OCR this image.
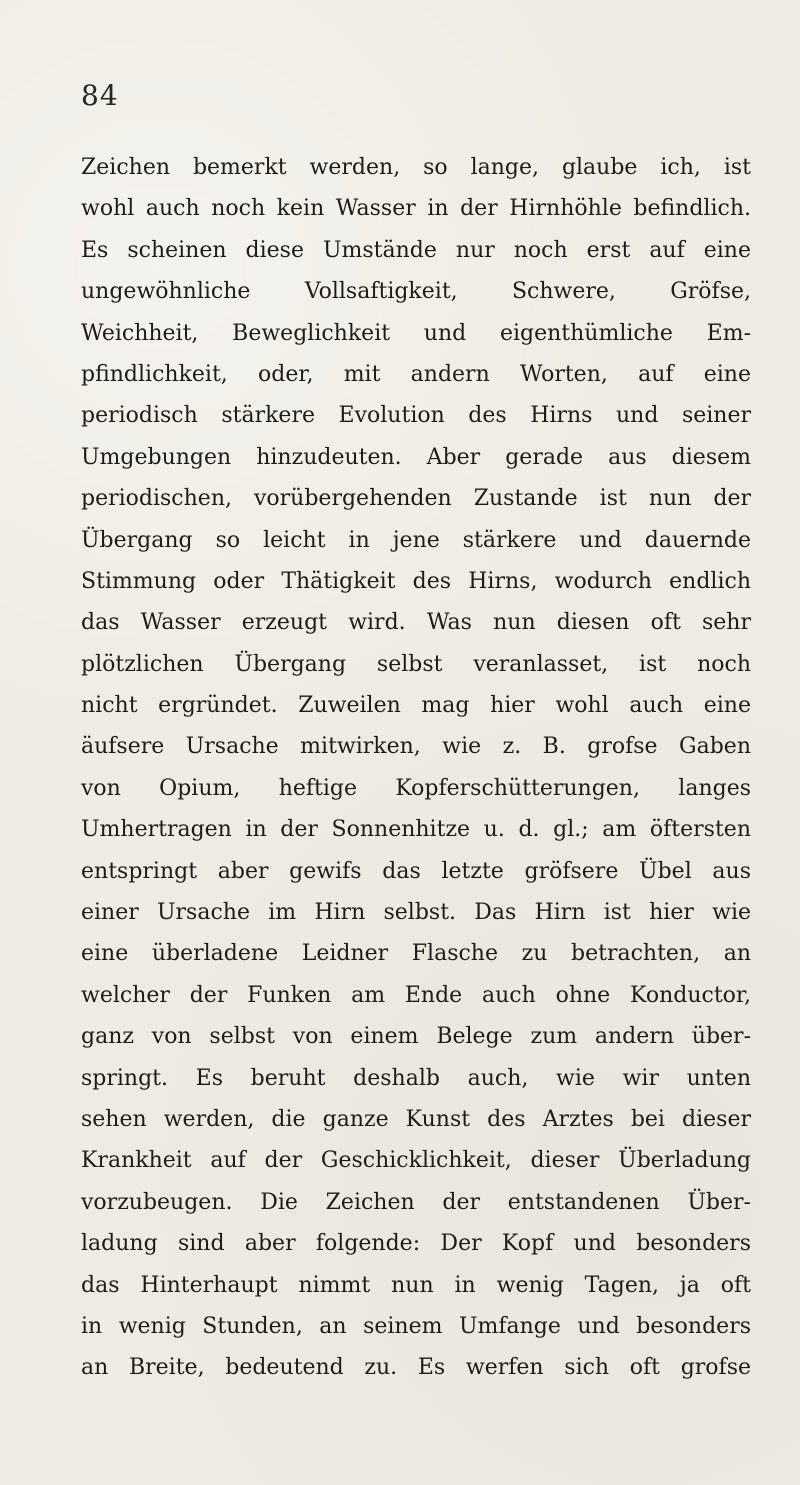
84
Zeichen bemerkt werden, so lange, glaube ich, ist
wohl auch noch kein Wasser in der Hirnhöhle befindlich.
Es scheinen diese Umstände nur noch erst auf eine
ungewöhnliche Vollsaftigkeit, Schwere, Gröfse,
Weichheit, Beweglichkeit und eigenthümliche Em-
pfindlichkeit, oder, mit andern Worten, auf eine
periodisch stärkere Evolution des Hirns und seiner
Umgebungen hinzudeuten. Aber gerade aus diesem
periodischen, vorübergehenden Zustande ist nun der
Übergang so leicht in jene stärkere und dauernde
Stimmung oder Thätigkeit des Hirns, wodurch endlich
das Wasser erzeugt wird. Was nun diesen oft sehr
plötzlichen Übergang selbst veranlasset, ist noch
nicht ergründet. Zuweilen mag hier wohl auch eine
äufsere Ursache mitwirken, wie z. B. grofse Gaben
von Opium, heftige Kopferschütterungen, langes
Umhertragen in der Sonnenhitze u. d. gl.; am öftersten
entspringt aber gewifs das letzte gröfsere Übel aus
einer Ursache im Hirn selbst. Das Hirn ist hier wie
eine überladene Leidner Flasche zu betrachten, an
welcher der Funken am Ende auch ohne Konductor,
ganz von selbst von einem Belege zum andern über-
springt. Es beruht deshalb auch, wie wir unten
sehen werden, die ganze Kunst des Arztes bei dieser
Krankheit auf der Geschicklichkeit, dieser Überladung
vorzubeugen. Die Zeichen der entstandenen Über-
ladung sind aber folgende: Der Kopf und besonders
das Hinterhaupt nimmt nun in wenig Tagen, ja oft
in wenig Stunden, an seinem Umfange und besonders
an Breite, bedeutend zu. Es werfen sich oft grofse
